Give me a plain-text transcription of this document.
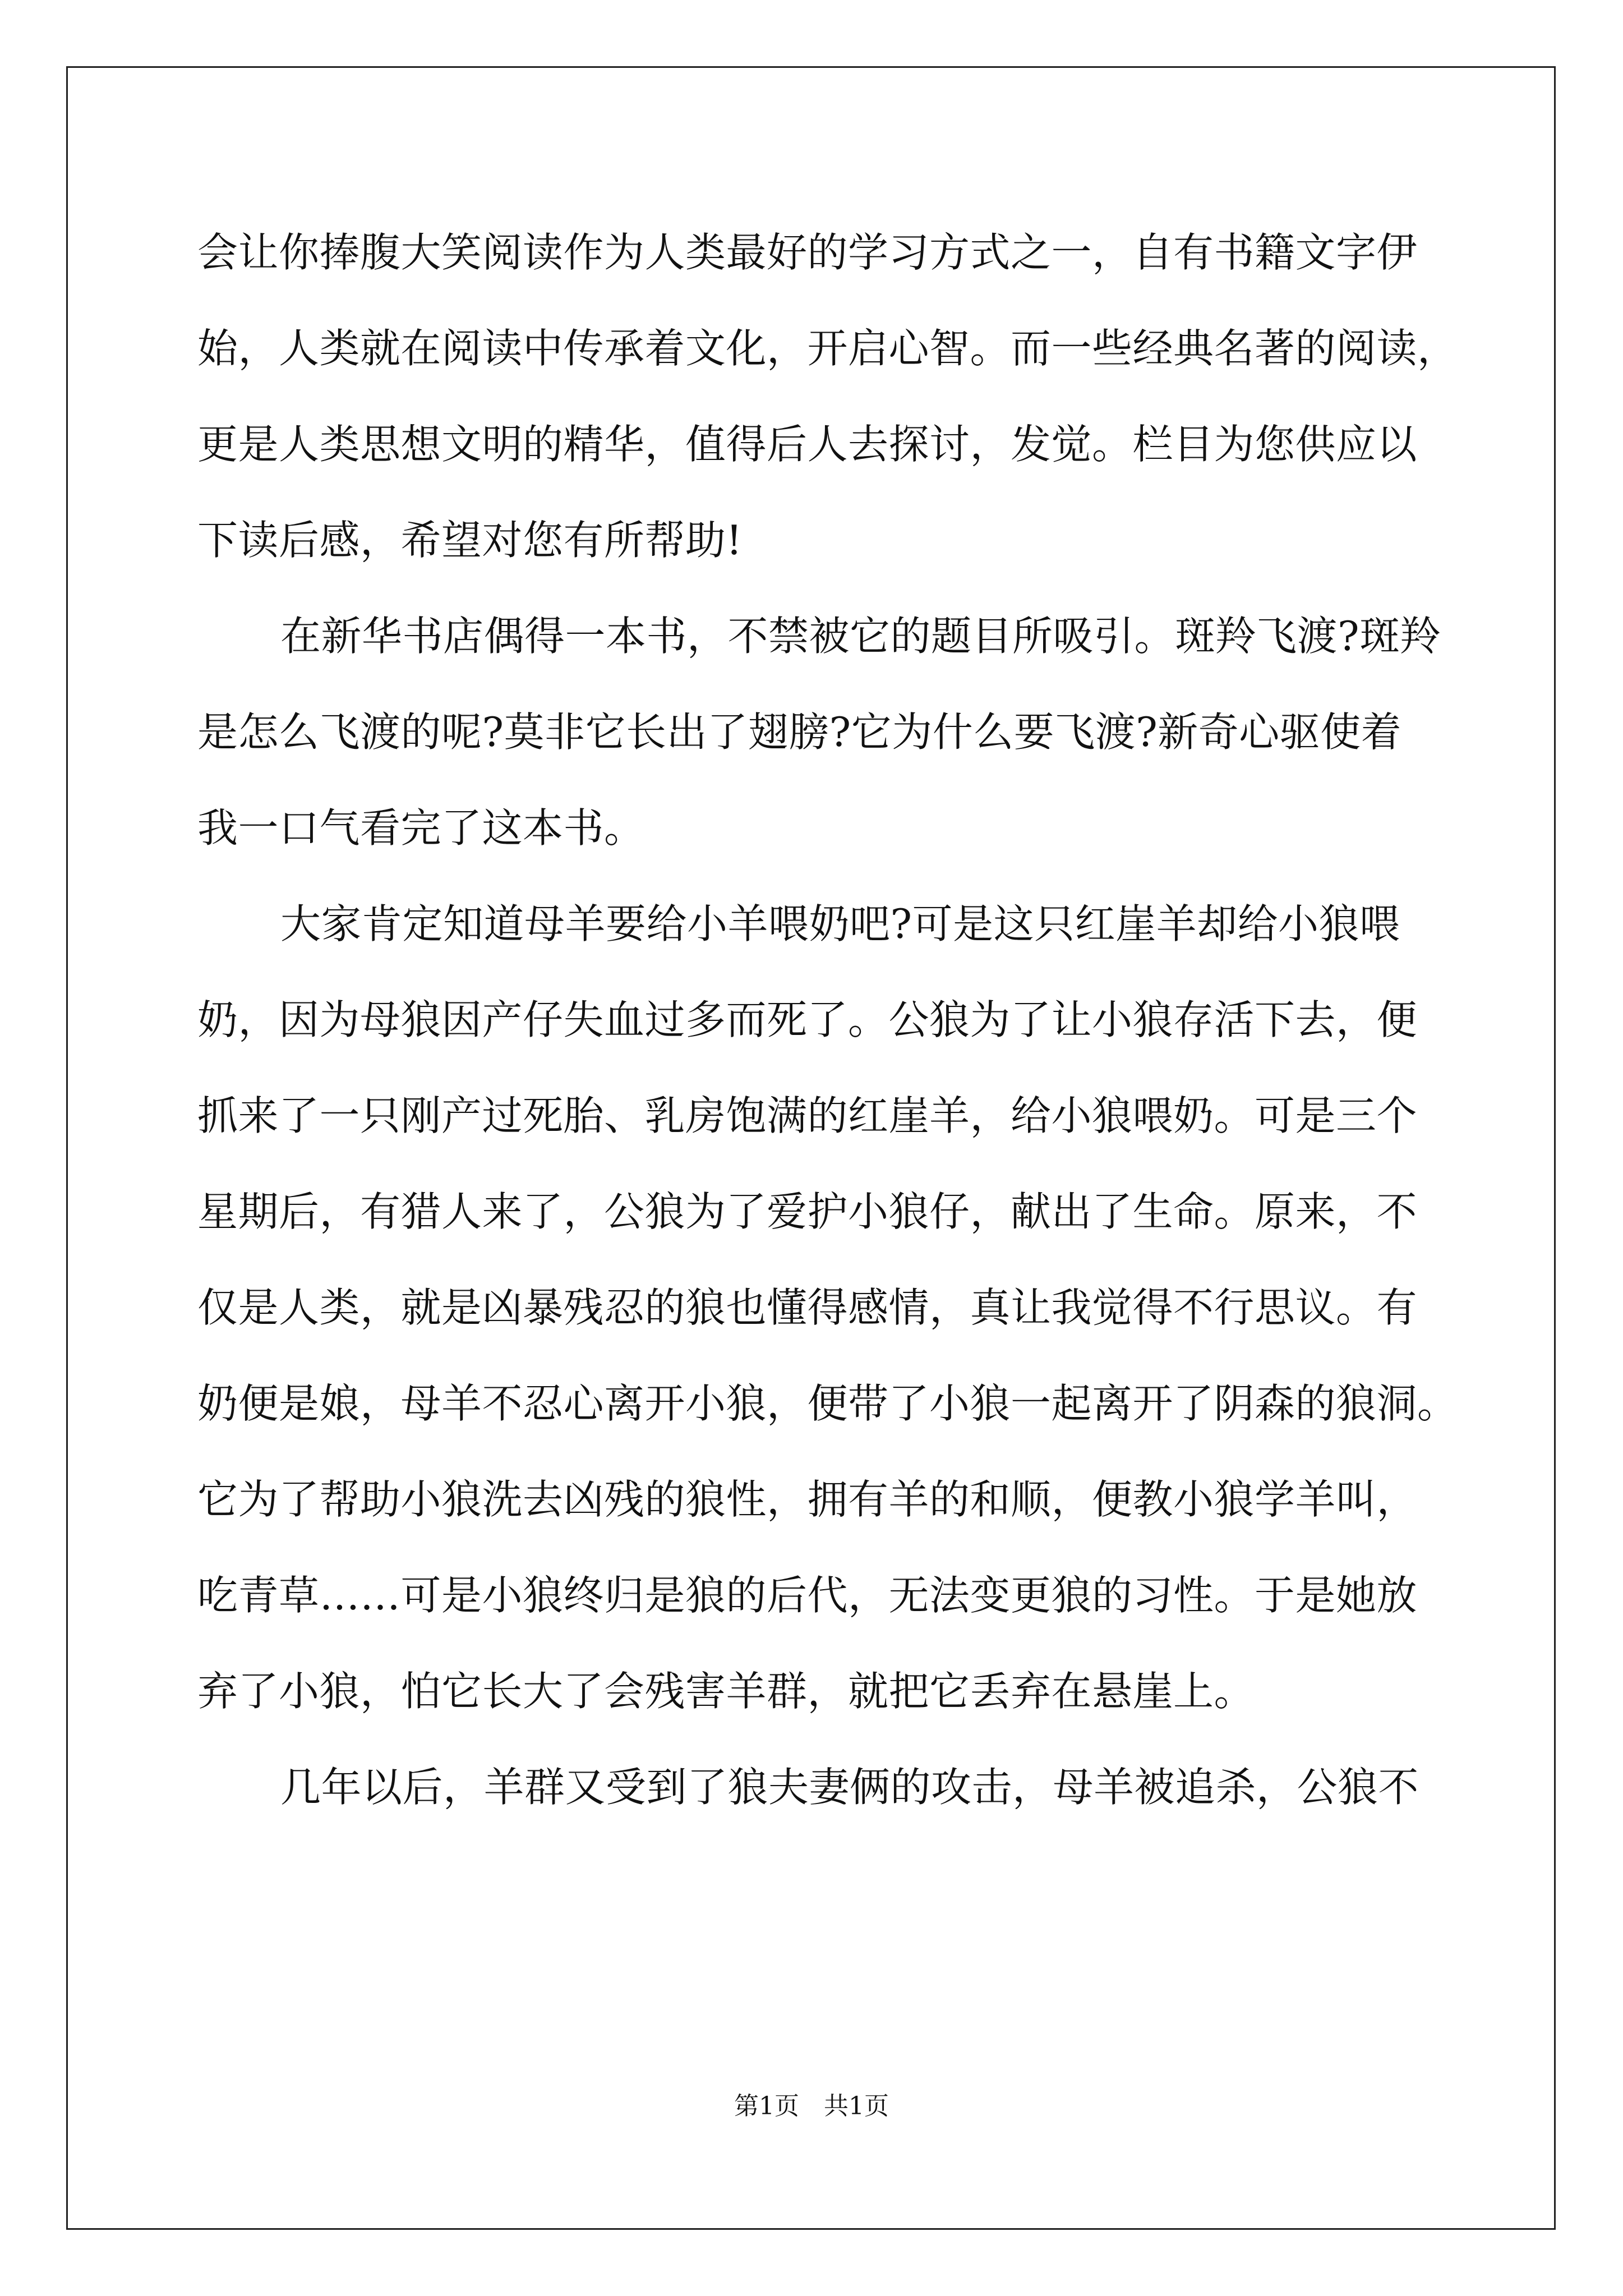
会让你捧腹大笑阅读作为人类最好的学习方式之一，自有书籍文字伊
始，人类就在阅读中传承着文化，开启心智。而一些经典名著的阅读，
更是人类思想文明的精华，值得后人去探讨，发觉。栏目为您供应以
下读后感，希望对您有所帮助!
在新华书店偶得一本书，不禁被它的题目所吸引。斑羚飞渡?斑羚
是怎么飞渡的呢?莫非它长出了翅膀?它为什么要飞渡?新奇心驱使着
我一口气看完了这本书。
大家肯定知道母羊要给小羊喂奶吧?可是这只红崖羊却给小狼喂
奶，因为母狼因产仔失血过多而死了。公狼为了让小狼存活下去，便
抓来了一只刚产过死胎、乳房饱满的红崖羊，给小狼喂奶。可是三个
星期后，有猎人来了，公狼为了爱护小狼仔，献出了生命。原来，不
仅是人类，就是凶暴残忍的狼也懂得感情，真让我觉得不行思议。有
奶便是娘，母羊不忍心离开小狼，便带了小狼一起离开了阴森的狼洞。
它为了帮助小狼洗去凶残的狼性，拥有羊的和顺，便教小狼学羊叫，
吃青草……可是小狼终归是狼的后代，无法变更狼的习性。于是她放
弃了小狼，怕它长大了会残害羊群，就把它丢弃在悬崖上。
几年以后，羊群又受到了狼夫妻俩的攻击，母羊被追杀，公狼不
第1页 共1页
